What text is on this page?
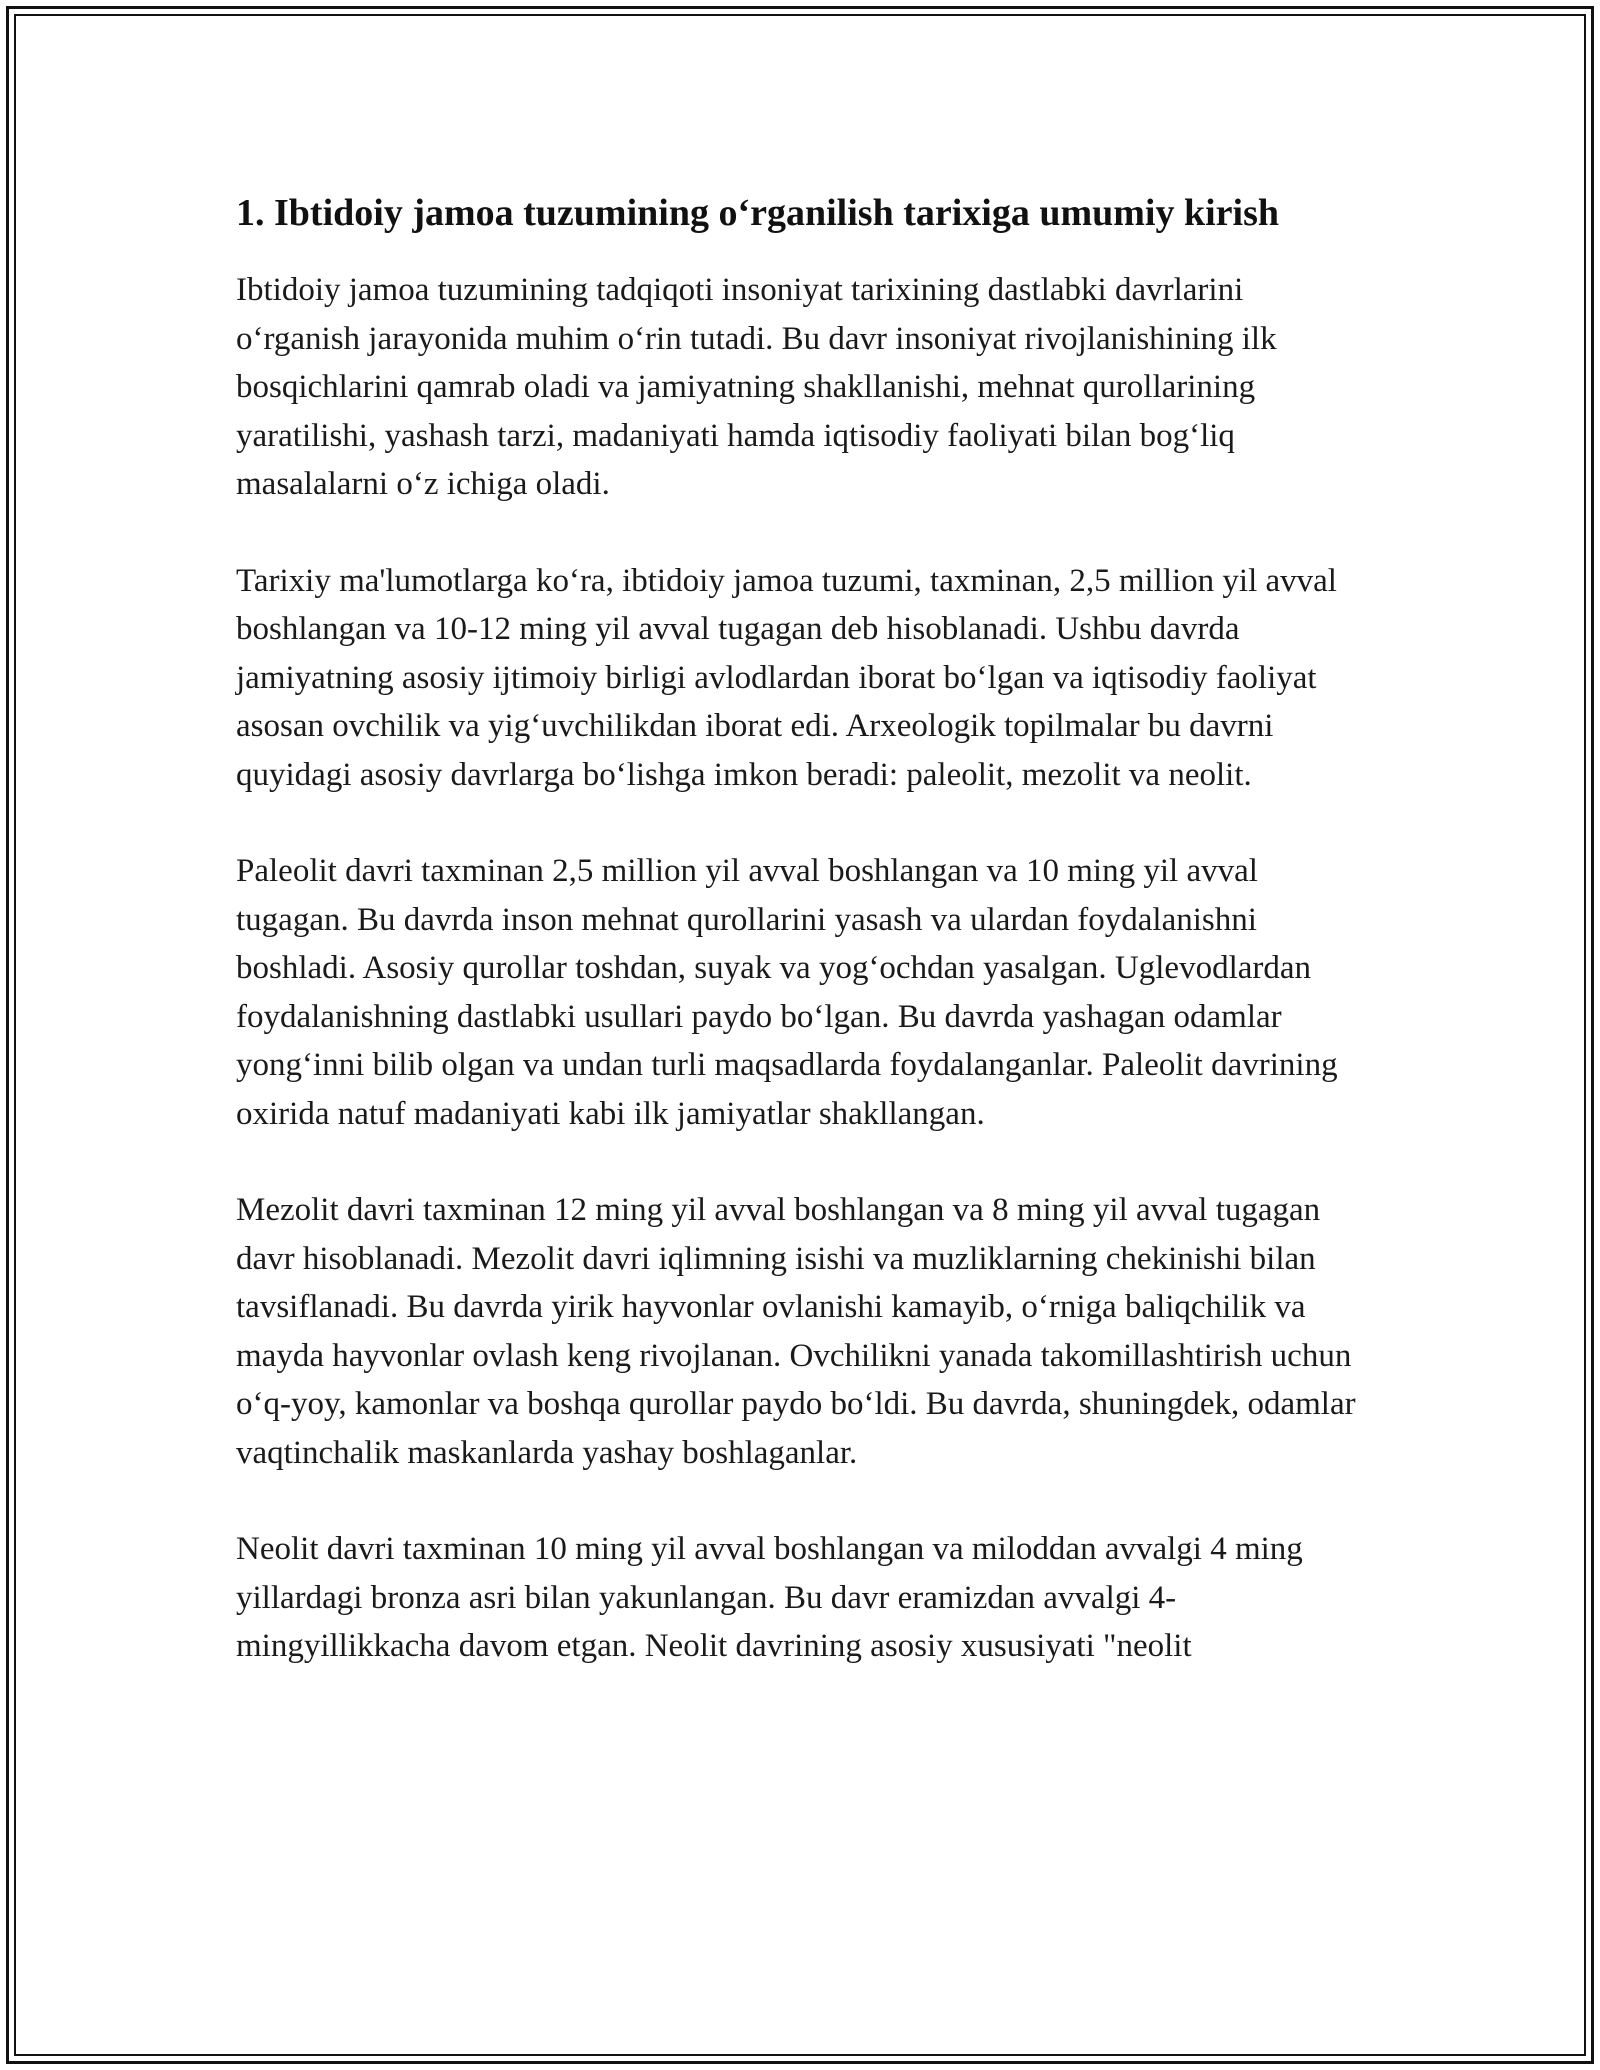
1. Ibtidoiy jamoa tuzumining o‘rganilish tarixiga umumiy kirish

Ibtidoiy jamoa tuzumining tadqiqoti insoniyat tarixining dastlabki davrlarini o‘rganish jarayonida muhim o‘rin tutadi. Bu davr insoniyat rivojlanishining ilk bosqichlarini qamrab oladi va jamiyatning shakllanishi, mehnat qurollarining yaratilishi, yashash tarzi, madaniyati hamda iqtisodiy faoliyati bilan bog‘liq masalalarni o‘z ichiga oladi.

Tarixiy ma'lumotlarga ko‘ra, ibtidoiy jamoa tuzumi, taxminan, 2,5 million yil avval boshlangan va 10-12 ming yil avval tugagan deb hisoblanadi. Ushbu davrda jamiyatning asosiy ijtimoiy birligi avlodlardan iborat bo‘lgan va iqtisodiy faoliyat asosan ovchilik va yig‘uvchilikdan iborat edi. Arxeologik topilmalar bu davrni quyidagi asosiy davrlarga bo‘lishga imkon beradi: paleolit, mezolit va neolit.

Paleolit davri taxminan 2,5 million yil avval boshlangan va 10 ming yil avval tugagan. Bu davrda inson mehnat qurollarini yasash va ulardan foydalanishni boshladi. Asosiy qurollar toshdan, suyak va yog‘ochdan yasalgan. Uglevodlardan foydalanishning dastlabki usullari paydo bo‘lgan. Bu davrda yashagan odamlar yong‘inni bilib olgan va undan turli maqsadlarda foydalanganlar. Paleolit davrining oxirida natuf madaniyati kabi ilk jamiyatlar shakllangan.

Mezolit davri taxminan 12 ming yil avval boshlangan va 8 ming yil avval tugagan davr hisoblanadi. Mezolit davri iqlimning isishi va muzliklarning chekinishi bilan tavsiflanadi. Bu davrda yirik hayvonlar ovlanishi kamayib, o‘rniga baliqchilik va mayda hayvonlar ovlash keng rivojlanan. Ovchilikni yanada takomillashtirish uchun o‘q-yoy, kamonlar va boshqa qurollar paydo bo‘ldi. Bu davrda, shuningdek, odamlar vaqtinchalik maskanlarda yashay boshlaganlar.

Neolit davri taxminan 10 ming yil avval boshlangan va miloddan avvalgi 4 ming yillardagi bronza asri bilan yakunlangan. Bu davr eramizdan avvalgi 4-mingyillikkacha davom etgan. Neolit davrining asosiy xususiyati "neolit
